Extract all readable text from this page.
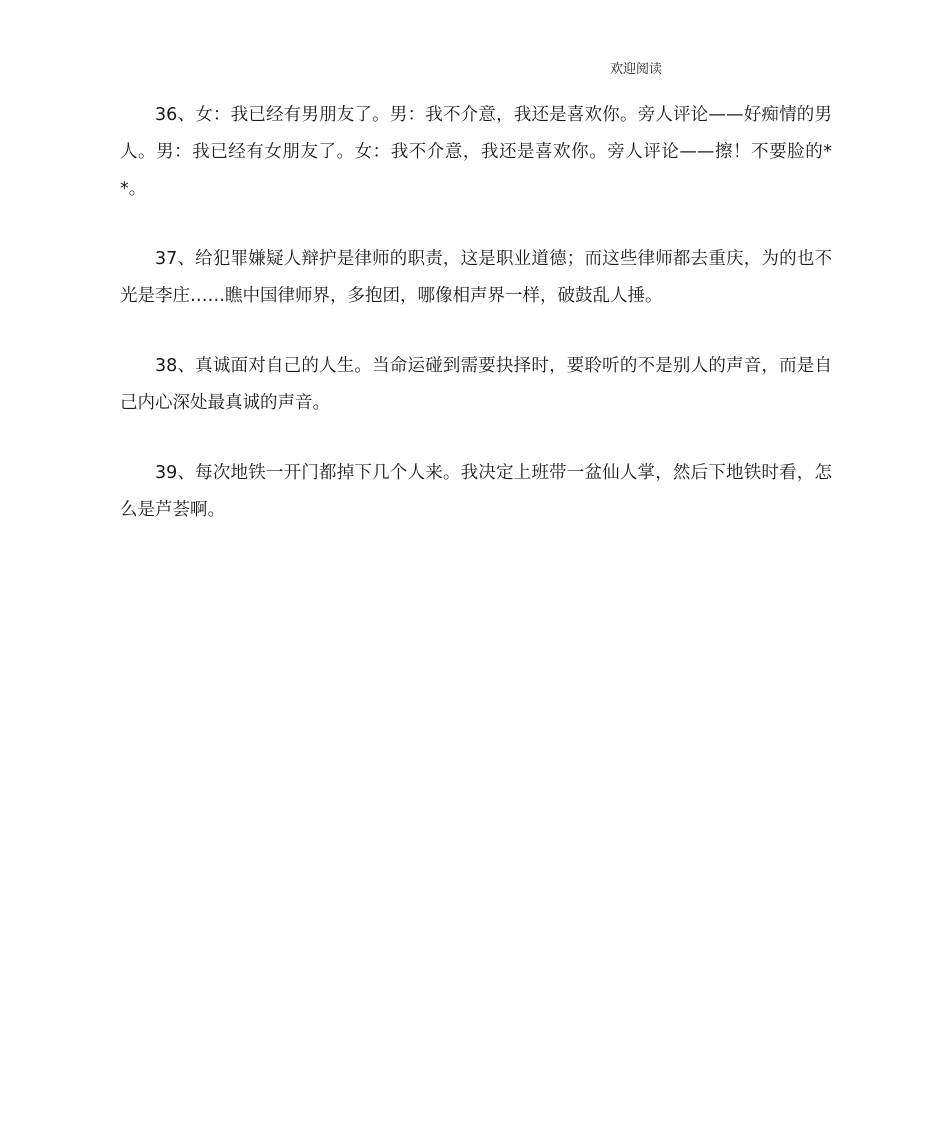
欢迎阅读

36、女：我已经有男朋友了。男：我不介意，我还是喜欢你。旁人评论——好痴情的男人。男：我已经有女朋友了。女：我不介意，我还是喜欢你。旁人评论——擦！不要脸的**。

37、给犯罪嫌疑人辩护是律师的职责，这是职业道德；而这些律师都去重庆，为的也不光是李庄……瞧中国律师界，多抱团，哪像相声界一样，破鼓乱人捶。

38、真诚面对自己的人生。当命运碰到需要抉择时，要聆听的不是别人的声音，而是自己内心深处最真诚的声音。

39、每次地铁一开门都掉下几个人来。我决定上班带一盆仙人掌，然后下地铁时看，怎么是芦荟啊。
